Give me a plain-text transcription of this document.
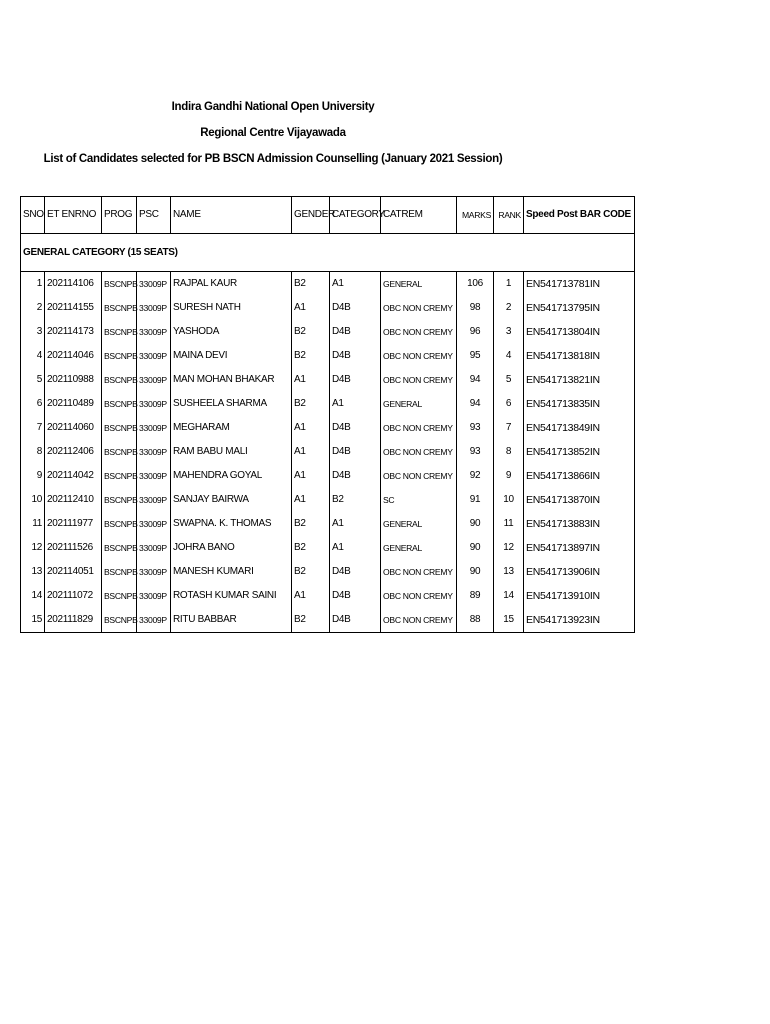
Indira Gandhi National Open University
Regional Centre Vijayawada
List of Candidates selected for PB BSCN Admission Counselling (January 2021 Session)
SNO	ET ENRNO	PROG	PSC	NAME	GENDER	CATEGORY	CATREM	MARKS	RANK	Speed Post BAR CODE
GENERAL CATEGORY (15 SEATS)										
1	202114106	BSCNPB	33009P	RAJPAL KAUR	B2	A1	GENERAL	106	1	EN541713781IN
2	202114155	BSCNPB	33009P	SURESH NATH	A1	D4B	OBC NON CREMY	98	2	EN541713795IN
3	202114173	BSCNPB	33009P	YASHODA	B2	D4B	OBC NON CREMY	96	3	EN541713804IN
4	202114046	BSCNPB	33009P	MAINA DEVI	B2	D4B	OBC NON CREMY	95	4	EN541713818IN
5	202110988	BSCNPB	33009P	MAN MOHAN BHAKAR	A1	D4B	OBC NON CREMY	94	5	EN541713821IN
6	202110489	BSCNPB	33009P	SUSHEELA SHARMA	B2	A1	GENERAL	94	6	EN541713835IN
7	202114060	BSCNPB	33009P	MEGHARAM	A1	D4B	OBC NON CREMY	93	7	EN541713849IN
8	202112406	BSCNPB	33009P	RAM BABU MALI	A1	D4B	OBC NON CREMY	93	8	EN541713852IN
9	202114042	BSCNPB	33009P	MAHENDRA GOYAL	A1	D4B	OBC NON CREMY	92	9	EN541713866IN
10	202112410	BSCNPB	33009P	SANJAY BAIRWA	A1	B2	SC	91	10	EN541713870IN
11	202111977	BSCNPB	33009P	SWAPNA. K. THOMAS	B2	A1	GENERAL	90	11	EN541713883IN
12	202111526	BSCNPB	33009P	JOHRA BANO	B2	A1	GENERAL	90	12	EN541713897IN
13	202114051	BSCNPB	33009P	MANESH KUMARI	B2	D4B	OBC NON CREMY	90	13	EN541713906IN
14	202111072	BSCNPB	33009P	ROTASH KUMAR SAINI	A1	D4B	OBC NON CREMY	89	14	EN541713910IN
15	202111829	BSCNPB	33009P	RITU BABBAR	B2	D4B	OBC NON CREMY	88	15	EN541713923IN
